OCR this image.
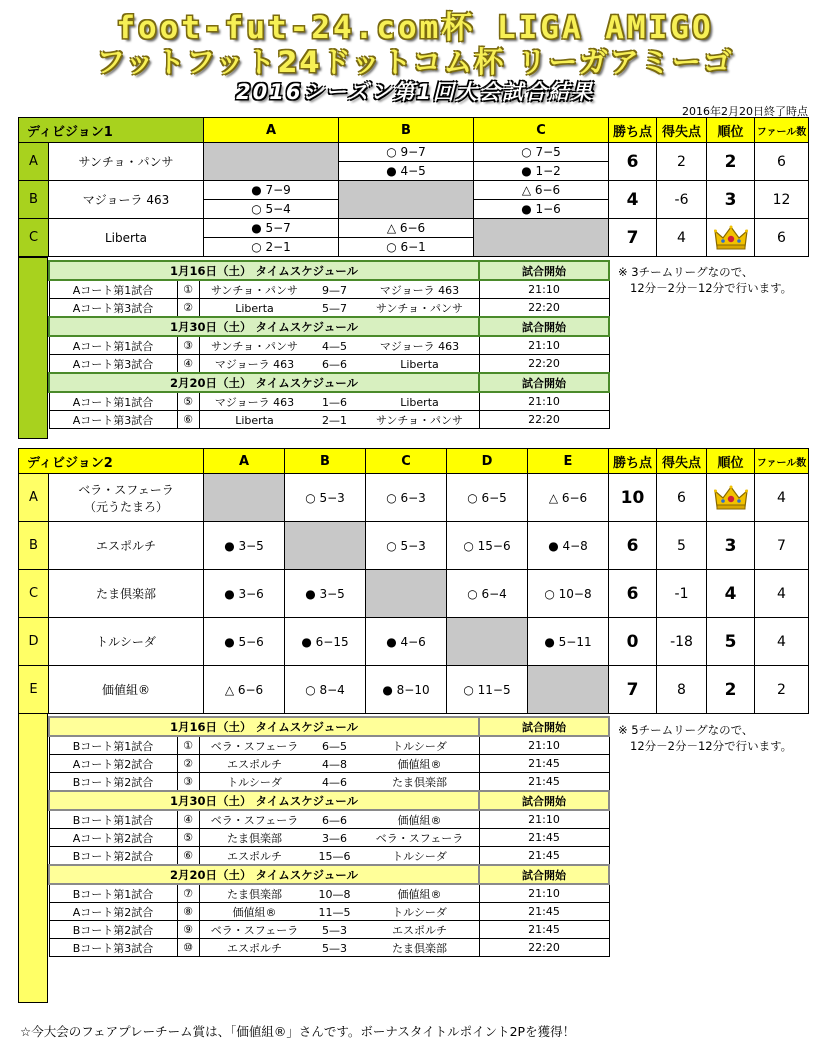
foot-fut-24.com杯 LIGA AMIGO
フットフット24ドットコム杯 リーガアミーゴ
2016シーズン第1回大会試合結果
2016年2月20日終了時点
ディビジョン1		A	B	C	勝ち点	得失点	順位	ファール数
A	サンチョ・パンサ		○ 9−7	○ 7−5	6	2	2	6
			● 4−5	● 1−2				
B	マジョーラ 463	● 7−9		△ 6−6	4	-6	3	12
		○ 5−4		● 1−6				
C	Liberta	● 5−7	△ 6−6		7	4		6
		○ 2−1	○ 6−1					
1月16日（土） タイムスケジュール			試合開始
Aコート第1試合	①	サンチョ・パンサ 9—7 マジョーラ 463	21:10
Aコート第3試合	②	Liberta 5—7 サンチョ・パンサ	22:20
1月30日（土） タイムスケジュール			試合開始
Aコート第1試合	③	サンチョ・パンサ 4—5 マジョーラ 463	21:10
Aコート第3試合	④	マジョーラ 463 6—6 Liberta	22:20
2月20日（土） タイムスケジュール			試合開始
Aコート第1試合	⑤	マジョーラ 463 1—6 Liberta	21:10
Aコート第3試合	⑥	Liberta 2—1 サンチョ・パンサ	22:20
※ 3チームリーグなので、
12分－2分－12分で行います。
ディビジョン2		A	B	C	D	E	勝ち点	得失点	順位	ファール数
A	ベラ・スフェーラ
（元うたまろ）		○ 5−3	○ 6−3	○ 6−5	△ 6−6	10	6		4
B	エスポルチ	● 3−5		○ 5−3	○ 15−6	● 4−8	6	5	3	7
C	たま倶楽部	● 3−6	● 3−5		○ 6−4	○ 10−8	6	-1	4	4
D	トルシーダ	● 5−6	● 6−15	● 4−6		● 5−11	0	-18	5	4
E	価値組®	△ 6−6	○ 8−4	● 8−10	○ 11−5		7	8	2	2
1月16日（土） タイムスケジュール			試合開始
Bコート第1試合	①	ベラ・スフェーラ 6—5 トルシーダ	21:10
Aコート第2試合	②	エスポルチ 4—8 価値組®	21:45
Bコート第2試合	③	トルシーダ 4—6 たま倶楽部	21:45
1月30日（土） タイムスケジュール			試合開始
Bコート第1試合	④	ベラ・スフェーラ 6—6 価値組®	21:10
Aコート第2試合	⑤	たま倶楽部 3—6 ベラ・スフェーラ	21:45
Bコート第2試合	⑥	エスポルチ 15—6 トルシーダ	21:45
2月20日（土） タイムスケジュール			試合開始
Bコート第1試合	⑦	たま倶楽部 10—8 価値組®	21:10
Aコート第2試合	⑧	価値組® 11—5 トルシーダ	21:45
Bコート第2試合	⑨	ベラ・スフェーラ 5—3 エスポルチ	21:45
Bコート第3試合	⑩	エスポルチ 5—3 たま倶楽部	22:20
※ 5チームリーグなので、
12分－2分－12分で行います。
☆今大会のフェアプレーチーム賞は、「価値組®」さんです。ボーナスタイトルポイント2Pを獲得！
